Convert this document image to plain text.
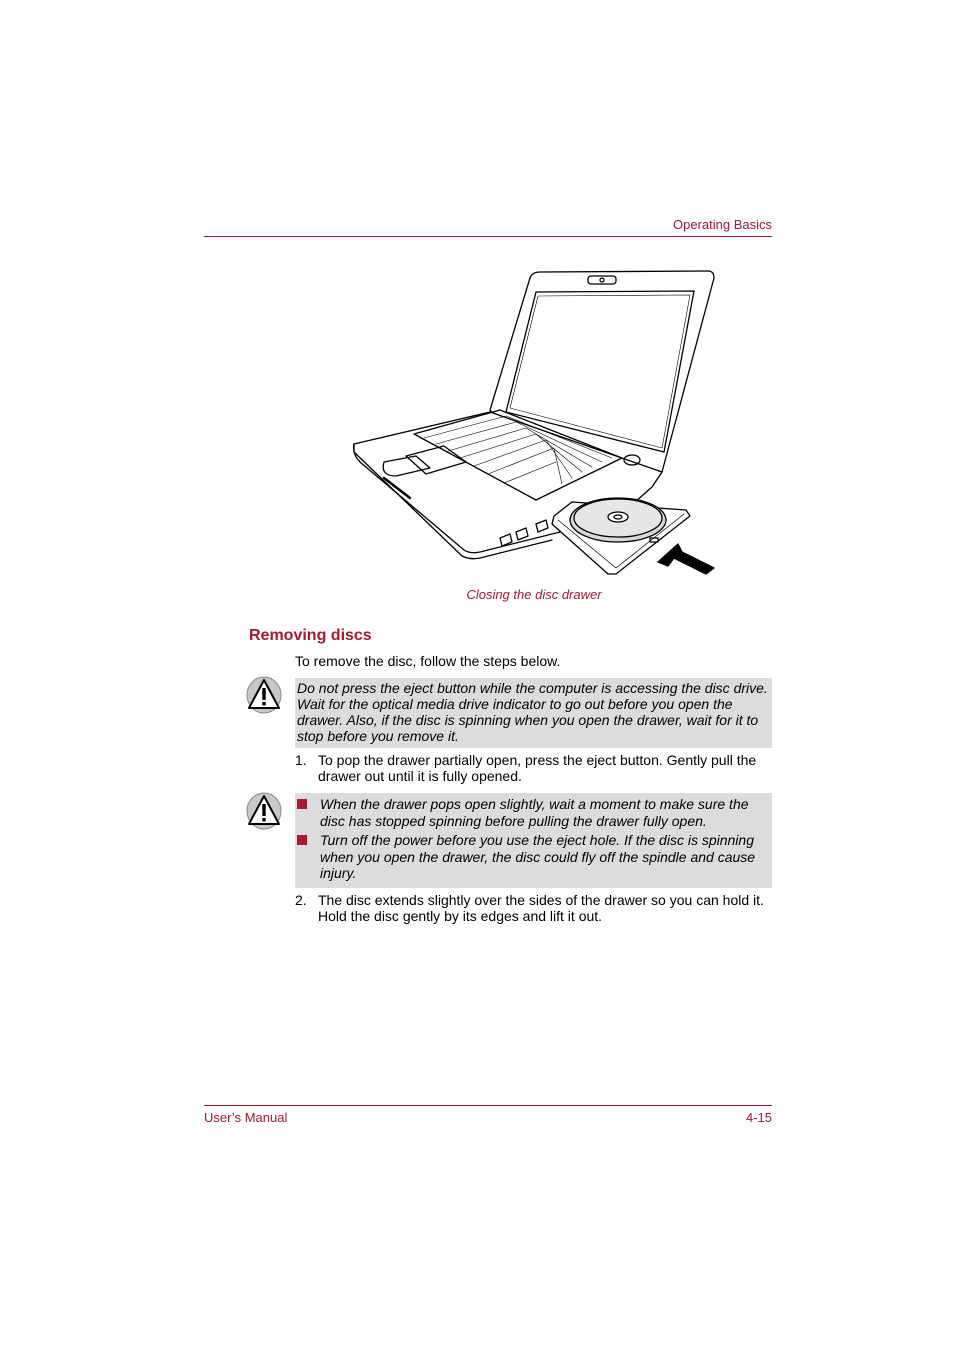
Operating Basics
Closing the disc drawer
Removing discs
To remove the disc, follow the steps below.
Do not press the eject button while the computer is accessing the disc drive. Wait for the optical media drive indicator to go out before you open the drawer. Also, if the disc is spinning when you open the drawer, wait for it to stop before you remove it.
1. To pop the drawer partially open, press the eject button. Gently pull the drawer out until it is fully opened.
When the drawer pops open slightly, wait a moment to make sure the disc has stopped spinning before pulling the drawer fully open.
Turn off the power before you use the eject hole. If the disc is spinning when you open the drawer, the disc could fly off the spindle and cause injury.
2. The disc extends slightly over the sides of the drawer so you can hold it. Hold the disc gently by its edges and lift it out.
User’s Manual	4-15
